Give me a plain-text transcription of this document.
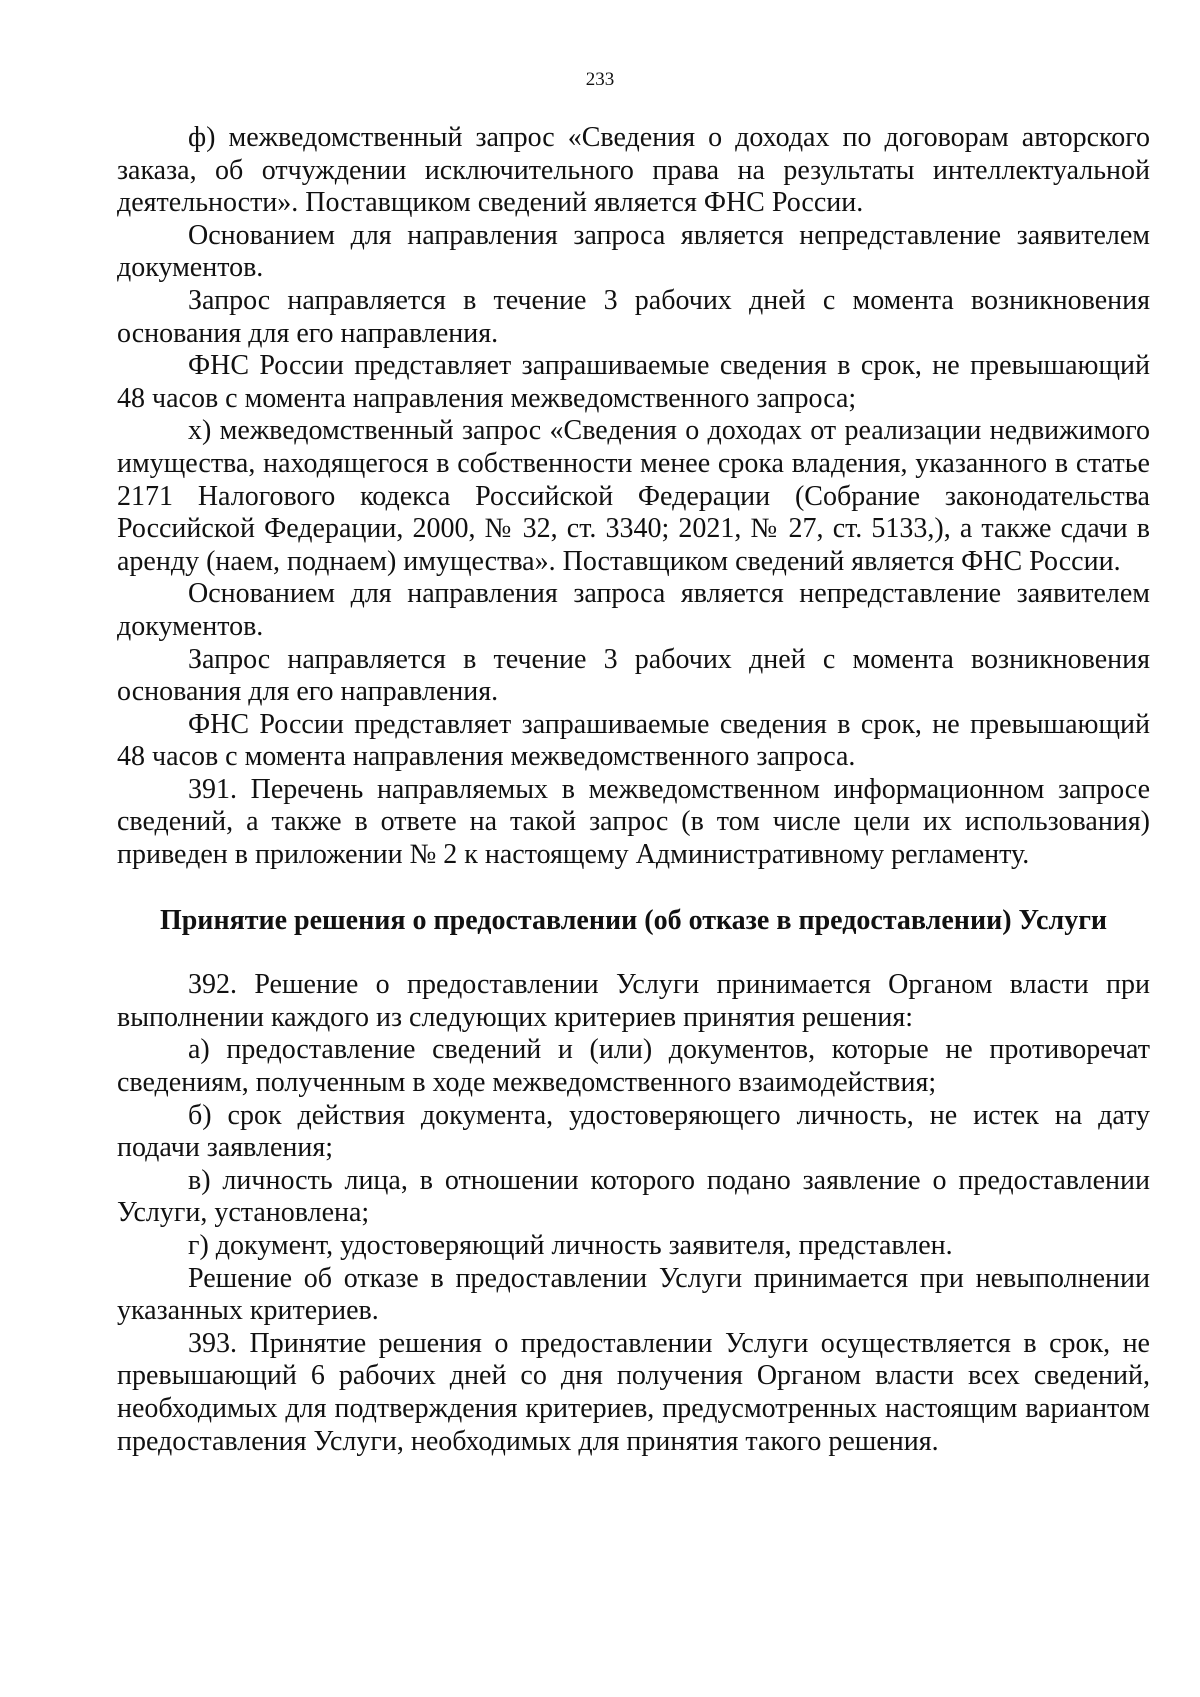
233

ф) межведомственный запрос «Сведения о доходах по договорам авторского заказа, об отчуждении исключительного права на результаты интеллектуальной деятельности». Поставщиком сведений является ФНС России.

Основанием для направления запроса является непредставление заявителем документов.

Запрос направляется в течение 3 рабочих дней с момента возникновения основания для его направления.

ФНС России представляет запрашиваемые сведения в срок, не превышающий 48 часов с момента направления межведомственного запроса;

х) межведомственный запрос «Сведения о доходах от реализации недвижимого имущества, находящегося в собственности менее срока владения, указанного в статье 2171 Налогового кодекса Российской Федерации (Собрание законодательства Российской Федерации, 2000, № 32, ст. 3340; 2021, № 27, ст. 5133,), а также сдачи в аренду (наем, поднаем) имущества». Поставщиком сведений является ФНС России.

Основанием для направления запроса является непредставление заявителем документов.

Запрос направляется в течение 3 рабочих дней с момента возникновения основания для его направления.

ФНС России представляет запрашиваемые сведения в срок, не превышающий 48 часов с момента направления межведомственного запроса.

391. Перечень направляемых в межведомственном информационном запросе сведений, а также в ответе на такой запрос (в том числе цели их использования) приведен в приложении № 2 к настоящему Административному регламенту.

Принятие решения о предоставлении (об отказе в предоставлении) Услуги

392. Решение о предоставлении Услуги принимается Органом власти при выполнении каждого из следующих критериев принятия решения:

а) предоставление сведений и (или) документов, которые не противоречат сведениям, полученным в ходе межведомственного взаимодействия;

б) срок действия документа, удостоверяющего личность, не истек на дату подачи заявления;

в) личность лица, в отношении которого подано заявление о предоставлении Услуги, установлена;

г) документ, удостоверяющий личность заявителя, представлен.

Решение об отказе в предоставлении Услуги принимается при невыполнении указанных критериев.

393. Принятие решения о предоставлении Услуги осуществляется в срок, не превышающий 6 рабочих дней со дня получения Органом власти всех сведений, необходимых для подтверждения критериев, предусмотренных настоящим вариантом предоставления Услуги, необходимых для принятия такого решения.
